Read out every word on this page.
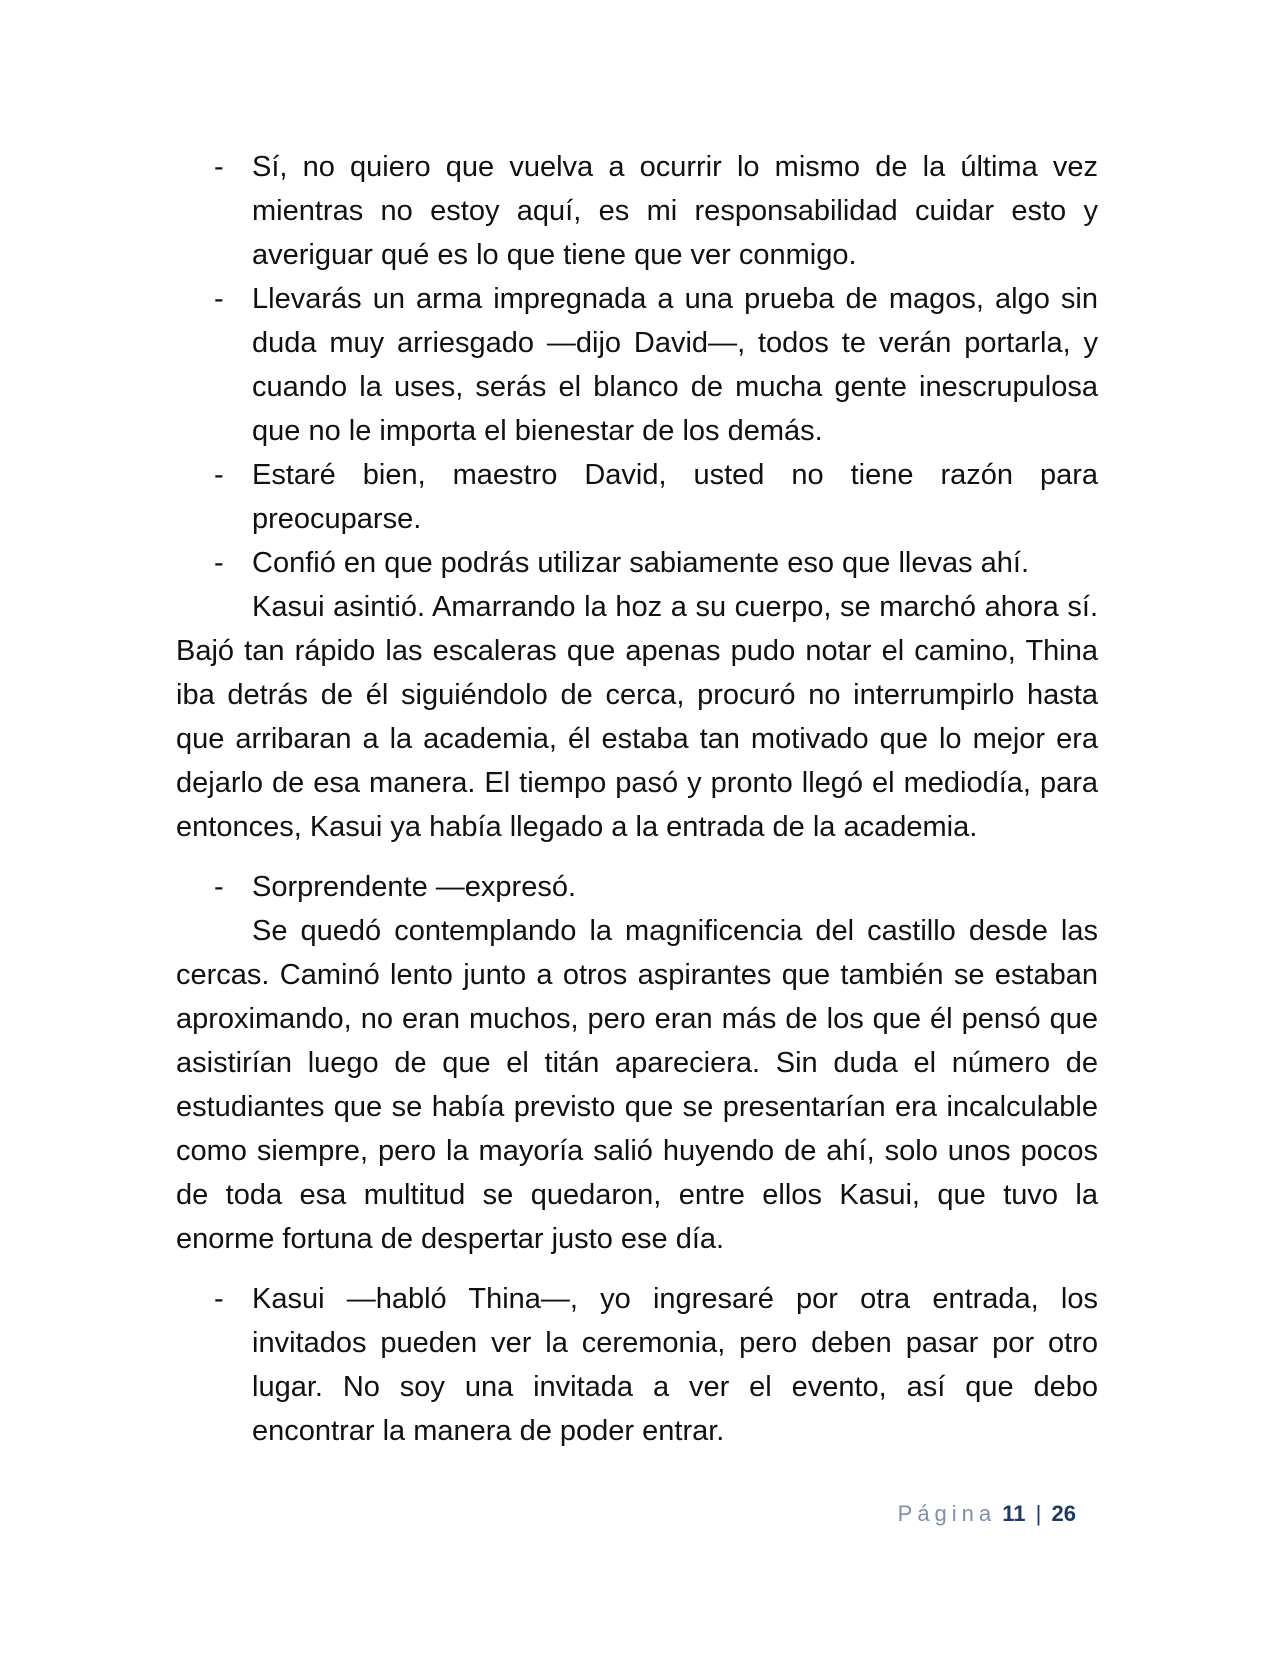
- Sí, no quiero que vuelva a ocurrir lo mismo de la última vez mientras no estoy aquí, es mi responsabilidad cuidar esto y averiguar qué es lo que tiene que ver conmigo.
- Llevarás un arma impregnada a una prueba de magos, algo sin duda muy arriesgado —dijo David—, todos te verán portarla, y cuando la uses, serás el blanco de mucha gente inescrupulosa que no le importa el bienestar de los demás.
- Estaré bien, maestro David, usted no tiene razón para preocuparse.
- Confió en que podrás utilizar sabiamente eso que llevas ahí.
Kasui asintió. Amarrando la hoz a su cuerpo, se marchó ahora sí. Bajó tan rápido las escaleras que apenas pudo notar el camino, Thina iba detrás de él siguiéndolo de cerca, procuró no interrumpirlo hasta que arribaran a la academia, él estaba tan motivado que lo mejor era dejarlo de esa manera. El tiempo pasó y pronto llegó el mediodía, para entonces, Kasui ya había llegado a la entrada de la academia.
- Sorprendente —expresó.
Se quedó contemplando la magnificencia del castillo desde las cercas. Caminó lento junto a otros aspirantes que también se estaban aproximando, no eran muchos, pero eran más de los que él pensó que asistirían luego de que el titán apareciera. Sin duda el número de estudiantes que se había previsto que se presentarían era incalculable como siempre, pero la mayoría salió huyendo de ahí, solo unos pocos de toda esa multitud se quedaron, entre ellos Kasui, que tuvo la enorme fortuna de despertar justo ese día.
- Kasui —habló Thina—, yo ingresaré por otra entrada, los invitados pueden ver la ceremonia, pero deben pasar por otro lugar. No soy una invitada a ver el evento, así que debo encontrar la manera de poder entrar.
Página 11 | 26
